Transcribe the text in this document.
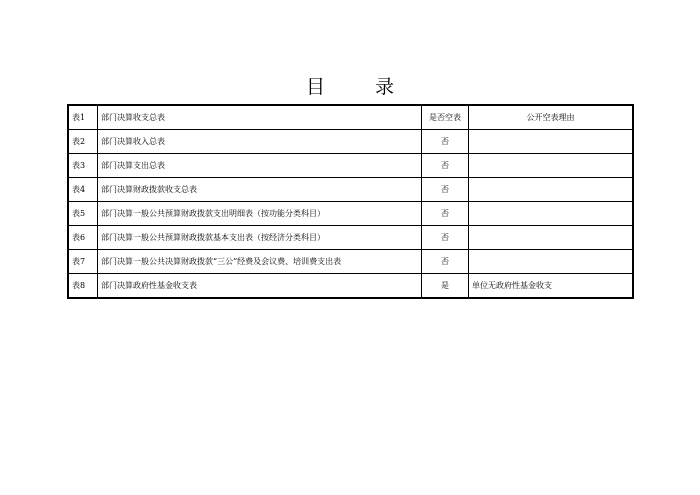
目 录
表1	部门决算收支总表	是否空表	公开空表理由
表2	部门决算收入总表	否	
表3	部门决算支出总表	否	
表4	部门决算财政拨款收支总表	否	
表5	部门决算一般公共预算财政拨款支出明细表（按功能分类科目）	否	
表6	部门决算一般公共预算财政拨款基本支出表（按经济分类科目）	否	
表7	部门决算一般公共决算财政拨款“三公”经费及会议费、培训费支出表	否	
表8	部门决算政府性基金收支表	是	单位无政府性基金收支
